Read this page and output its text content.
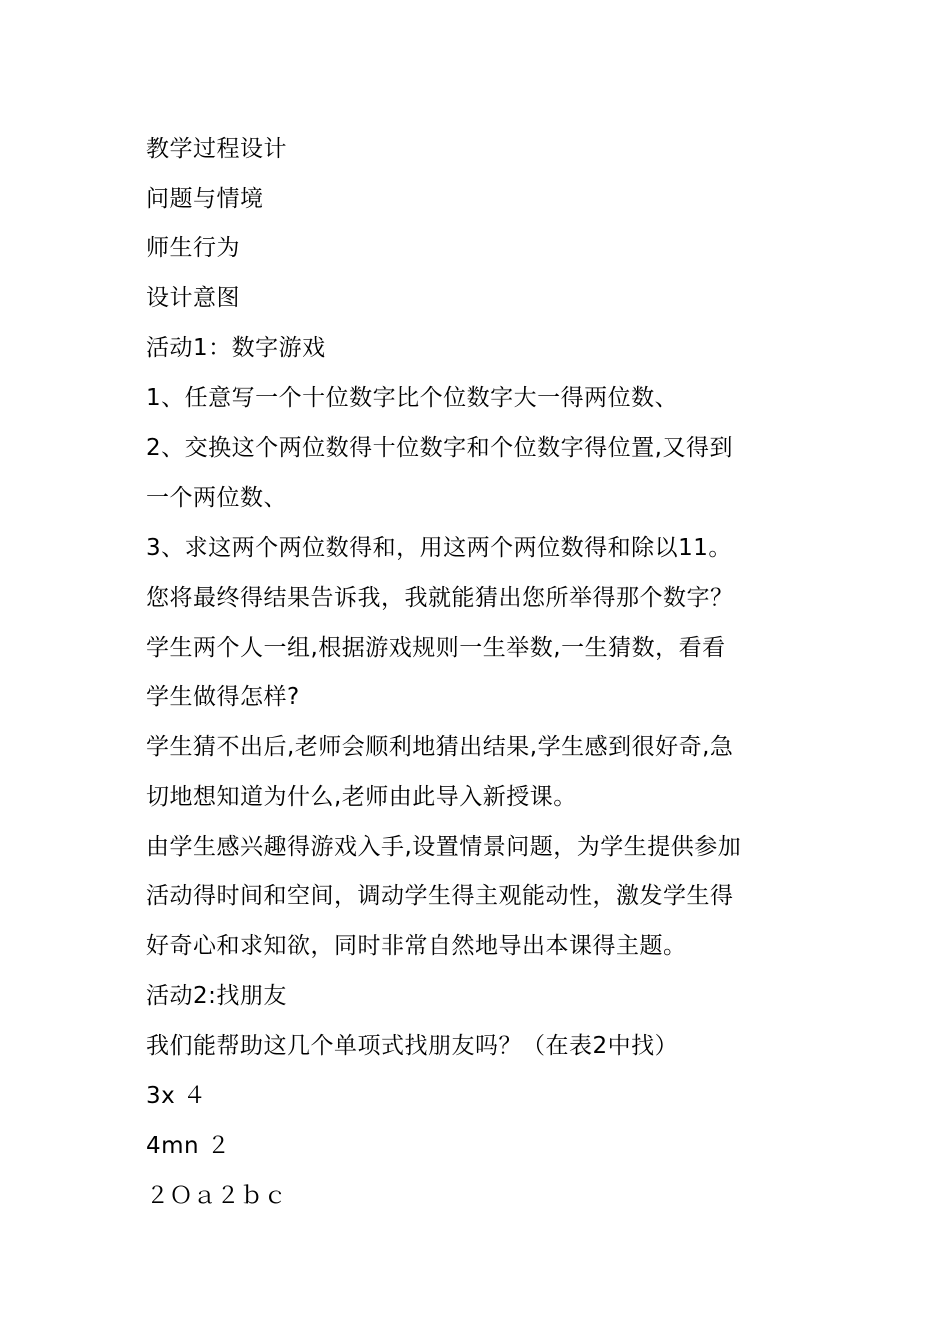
教学过程设计
问题与情境
师生行为
设计意图
活动1：数字游戏
1、任意写一个十位数字比个位数字大一得两位数、
2、交换这个两位数得十位数字和个位数字得位置,又得到
一个两位数、
3、求这两个两位数得和，用这两个两位数得和除以11。
您将最终得结果告诉我，我就能猜出您所举得那个数字？
学生两个人一组,根据游戏规则一生举数,一生猜数，看看
学生做得怎样?
学生猜不出后,老师会顺利地猜出结果,学生感到很好奇,急
切地想知道为什么,老师由此导入新授课。
由学生感兴趣得游戏入手,设置情景问题，为学生提供参加
活动得时间和空间，调动学生得主观能动性，激发学生得
好奇心和求知欲，同时非常自然地导出本课得主题。
活动2:找朋友
我们能帮助这几个单项式找朋友吗？（在表2中找）
3x ４
4mn ２
２Ｏａ２ｂｃ
